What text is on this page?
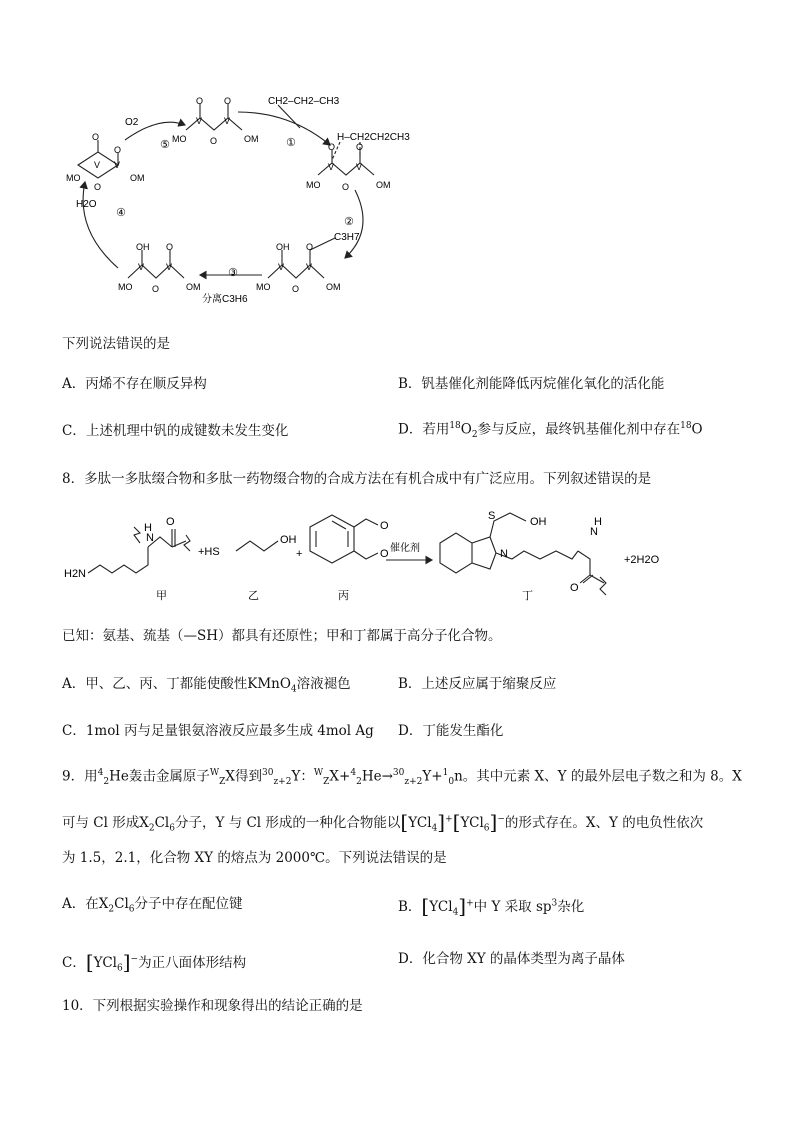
①
②
③
④
⑤
O2
H2O
分离C3H6
CH2–CH2–CH3
H–CH2CH2CH3
C3H7
O
O
V V
O
MO	OM
O O
V V
O
MO	OM
O O
V V
O
MO	OM
OH O
V V
O
MO	OM
OH O
V V
O
MO	OM
下列说法错误的是
A．丙烯不存在顺反异构	B．钒基催化剂能降低丙烷催化氧化的活化能
C．上述机理中钒的成键数未发生变化	D．若用$^{18}O_2$参与反应，最终钒基催化剂中存在$^{18}$O
8．多肽一多肽缀合物和多肽一药物缀合物的合成方法在有机合成中有广泛应用。下列叙述错误的是
H2N
N
H O
+HS
OH
+
O
O 催化剂
S	OH
N
N
H
O
+2H2O
甲	乙	丙	丁
已知：氨基、巯基（—SH）都具有还原性；甲和丁都属于高分子化合物。
A．甲、乙、丙、丁都能使酸性KMnO$_4$溶液褪色	B．上述反应属于缩聚反应
C．1mol 丙与足量银氨溶液反应最多生成 4mol Ag D．丁能发生酯化
9．用$^4_2$He轰击金属原子$^W_Z$X得到$^{30}_{z+2}$Y：$^W_Z$X+$^4_2$He→$^{30}_{z+2}$Y+$^1_0$n。其中元素 X、Y 的最外层电子数之和为 8。X
可与 Cl 形成$X_2Cl_6$分子，Y 与 Cl 形成的一种化合物能以[YCl$_4$]+[YCl$_6$]−的形式存在。X、Y 的电负性依次
为 1.5，2.1，化合物 XY 的熔点为 2000℃。下列说法错误的是
A．在$X_2Cl_6$分子中存在配位键	B．[YCl$_4$]+中 Y 采取 $sp^3$杂化
C．[YCl$_6$]−为正八面体形结构	D．化合物 XY 的晶体类型为离子晶体
10．下列根据实验操作和现象得出的结论正确的是
